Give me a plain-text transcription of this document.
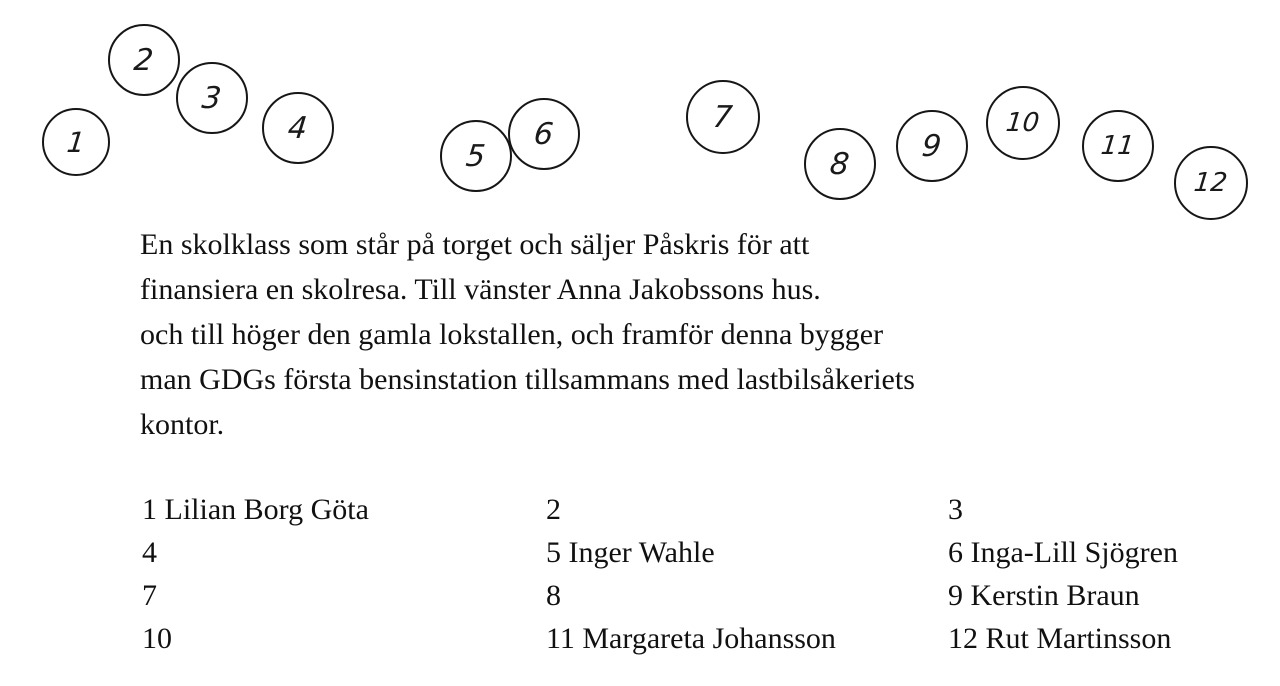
1
2
3
4
5
6	7
8
9
10
11
12
En skolklass som står på torget och säljer Påskris för att
finansiera en skolresa. Till vänster Anna Jakobssons hus.
och till höger den gamla lokstallen, och framför denna bygger
man GDGs första bensinstation tillsammans med lastbilsåkeriets
kontor.
1 Lilian Borg Göta	2	3
4	5 Inger Wahle	6 Inga-Lill Sjögren
7	8	9 Kerstin Braun
10	11 Margareta Johansson	12 Rut Martinsson
